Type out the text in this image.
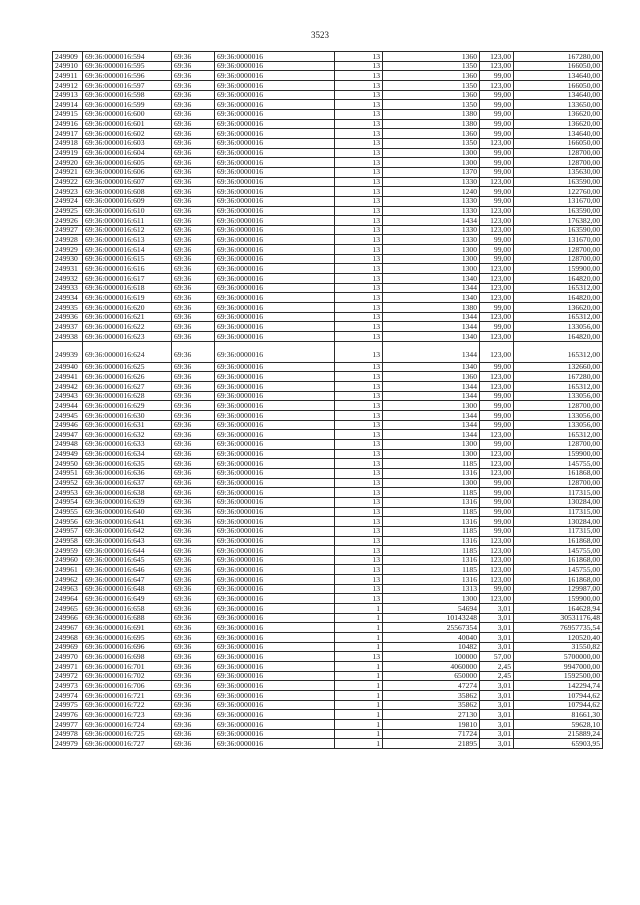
3523
249909	69:36:0000016:594	69:36	69:36:0000016	13	1360	123,00	167280,00
249910	69:36:0000016:595	69:36	69:36:0000016	13	1350	123,00	166050,00
249911	69:36:0000016:596	69:36	69:36:0000016	13	1360	99,00	134640,00
249912	69:36:0000016:597	69:36	69:36:0000016	13	1350	123,00	166050,00
249913	69:36:0000016:598	69:36	69:36:0000016	13	1360	99,00	134640,00
249914	69:36:0000016:599	69:36	69:36:0000016	13	1350	99,00	133650,00
249915	69:36:0000016:600	69:36	69:36:0000016	13	1380	99,00	136620,00
249916	69:36:0000016:601	69:36	69:36:0000016	13	1380	99,00	136620,00
249917	69:36:0000016:602	69:36	69:36:0000016	13	1360	99,00	134640,00
249918	69:36:0000016:603	69:36	69:36:0000016	13	1350	123,00	166050,00
249919	69:36:0000016:604	69:36	69:36:0000016	13	1300	99,00	128700,00
249920	69:36:0000016:605	69:36	69:36:0000016	13	1300	99,00	128700,00
249921	69:36:0000016:606	69:36	69:36:0000016	13	1370	99,00	135630,00
249922	69:36:0000016:607	69:36	69:36:0000016	13	1330	123,00	163590,00
249923	69:36:0000016:608	69:36	69:36:0000016	13	1240	99,00	122760,00
249924	69:36:0000016:609	69:36	69:36:0000016	13	1330	99,00	131670,00
249925	69:36:0000016:610	69:36	69:36:0000016	13	1330	123,00	163590,00
249926	69:36:0000016:611	69:36	69:36:0000016	13	1434	123,00	176382,00
249927	69:36:0000016:612	69:36	69:36:0000016	13	1330	123,00	163590,00
249928	69:36:0000016:613	69:36	69:36:0000016	13	1330	99,00	131670,00
249929	69:36:0000016:614	69:36	69:36:0000016	13	1300	99,00	128700,00
249930	69:36:0000016:615	69:36	69:36:0000016	13	1300	99,00	128700,00
249931	69:36:0000016:616	69:36	69:36:0000016	13	1300	123,00	159900,00
249932	69:36:0000016:617	69:36	69:36:0000016	13	1340	123,00	164820,00
249933	69:36:0000016:618	69:36	69:36:0000016	13	1344	123,00	165312,00
249934	69:36:0000016:619	69:36	69:36:0000016	13	1340	123,00	164820,00
249935	69:36:0000016:620	69:36	69:36:0000016	13	1380	99,00	136620,00
249936	69:36:0000016:621	69:36	69:36:0000016	13	1344	123,00	165312,00
249937	69:36:0000016:622	69:36	69:36:0000016	13	1344	99,00	133056,00
249938	69:36:0000016:623	69:36	69:36:0000016	13	1340	123,00	164820,00
249939	69:36:0000016:624	69:36	69:36:0000016	13	1344	123,00	165312,00
249940	69:36:0000016:625	69:36	69:36:0000016	13	1340	99,00	132660,00
249941	69:36:0000016:626	69:36	69:36:0000016	13	1360	123,00	167280,00
249942	69:36:0000016:627	69:36	69:36:0000016	13	1344	123,00	165312,00
249943	69:36:0000016:628	69:36	69:36:0000016	13	1344	99,00	133056,00
249944	69:36:0000016:629	69:36	69:36:0000016	13	1300	99,00	128700,00
249945	69:36:0000016:630	69:36	69:36:0000016	13	1344	99,00	133056,00
249946	69:36:0000016:631	69:36	69:36:0000016	13	1344	99,00	133056,00
249947	69:36:0000016:632	69:36	69:36:0000016	13	1344	123,00	165312,00
249948	69:36:0000016:633	69:36	69:36:0000016	13	1300	99,00	128700,00
249949	69:36:0000016:634	69:36	69:36:0000016	13	1300	123,00	159900,00
249950	69:36:0000016:635	69:36	69:36:0000016	13	1185	123,00	145755,00
249951	69:36:0000016:636	69:36	69:36:0000016	13	1316	123,00	161868,00
249952	69:36:0000016:637	69:36	69:36:0000016	13	1300	99,00	128700,00
249953	69:36:0000016:638	69:36	69:36:0000016	13	1185	99,00	117315,00
249954	69:36:0000016:639	69:36	69:36:0000016	13	1316	99,00	130284,00
249955	69:36:0000016:640	69:36	69:36:0000016	13	1185	99,00	117315,00
249956	69:36:0000016:641	69:36	69:36:0000016	13	1316	99,00	130284,00
249957	69:36:0000016:642	69:36	69:36:0000016	13	1185	99,00	117315,00
249958	69:36:0000016:643	69:36	69:36:0000016	13	1316	123,00	161868,00
249959	69:36:0000016:644	69:36	69:36:0000016	13	1185	123,00	145755,00
249960	69:36:0000016:645	69:36	69:36:0000016	13	1316	123,00	161868,00
249961	69:36:0000016:646	69:36	69:36:0000016	13	1185	123,00	145755,00
249962	69:36:0000016:647	69:36	69:36:0000016	13	1316	123,00	161868,00
249963	69:36:0000016:648	69:36	69:36:0000016	13	1313	99,00	129987,00
249964	69:36:0000016:649	69:36	69:36:0000016	13	1300	123,00	159900,00
249965	69:36:0000016:658	69:36	69:36:0000016	1	54694	3,01	164628,94
249966	69:36:0000016:688	69:36	69:36:0000016	1	10143248	3,01	30531176,48
249967	69:36:0000016:691	69:36	69:36:0000016	1	25567354	3,01	76957735,54
249968	69:36:0000016:695	69:36	69:36:0000016	1	40040	3,01	120520,40
249969	69:36:0000016:696	69:36	69:36:0000016	1	10482	3,01	31550,82
249970	69:36:0000016:698	69:36	69:36:0000016	13	100000	57,00	5700000,00
249971	69:36:0000016:701	69:36	69:36:0000016	1	4060000	2,45	9947000,00
249972	69:36:0000016:702	69:36	69:36:0000016	1	650000	2,45	1592500,00
249973	69:36:0000016:706	69:36	69:36:0000016	1	47274	3,01	142294,74
249974	69:36:0000016:721	69:36	69:36:0000016	1	35862	3,01	107944,62
249975	69:36:0000016:722	69:36	69:36:0000016	1	35862	3,01	107944,62
249976	69:36:0000016:723	69:36	69:36:0000016	1	27130	3,01	81661,30
249977	69:36:0000016:724	69:36	69:36:0000016	1	19810	3,01	59628,10
249978	69:36:0000016:725	69:36	69:36:0000016	1	71724	3,01	215889,24
249979	69:36:0000016:727	69:36	69:36:0000016	1	21895	3,01	65903,95
